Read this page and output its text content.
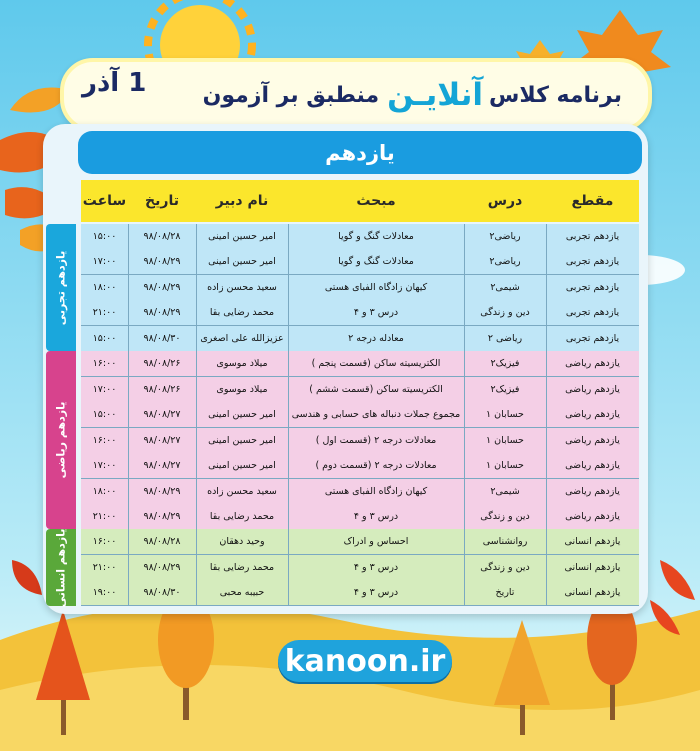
برنامه کلاس
آنلایـن
منطبق بر آزمون
1 آذر
یازدهم
مقطع
درس
مبحث
نام دبیر
تاریخ
ساعت
یازدهم تجربی
ریاضی۲
معادلات گنگ و گویا
امیر حسین امینی
۹۸/۰۸/۲۸
۱۵:۰۰
یازدهم تجربی
ریاضی۲
معادلات گنگ و گویا
امیر حسین امینی
۹۸/۰۸/۲۹
۱۷:۰۰
یازدهم تجربی
شیمی۲
کیهان زادگاه الفبای هستی
سعید محسن زاده
۹۸/۰۸/۲۹
۱۸:۰۰
یازدهم تجربی
دین و زندگی
درس ۳ و ۴
محمد رضایی بقا
۹۸/۰۸/۲۹
۲۱:۰۰
یازدهم تجربی
ریاضی ۲
معادله درجه ۲
عزیزالله علی اصغری
۹۸/۰۸/۳۰
۱۵:۰۰
یازدهم ریاضی
فیزیک۲
الکتریسیته ساکن (قسمت پنجم )
میلاد موسوی
۹۸/۰۸/۲۶
۱۶:۰۰
یازدهم ریاضی
فیزیک۲
الکتریسیته ساکن (قسمت ششم )
میلاد موسوی
۹۸/۰۸/۲۶
۱۷:۰۰
یازدهم ریاضی
حسابان ۱
مجموع جملات دنباله های حسابی و هندسی
امیر حسین امینی
۹۸/۰۸/۲۷
۱۵:۰۰
یازدهم ریاضی
حسابان ۱
معادلات درجه ۲ (قسمت اول )
امیر حسین امینی
۹۸/۰۸/۲۷
۱۶:۰۰
یازدهم ریاضی
حسابان ۱
معادلات درجه ۲ (قسمت دوم )
امیر حسین امینی
۹۸/۰۸/۲۷
۱۷:۰۰
یازدهم ریاضی
شیمی۲
کیهان زادگاه الفبای هستی
سعید محسن زاده
۹۸/۰۸/۲۹
۱۸:۰۰
یازدهم ریاضی
دین و زندگی
درس ۳ و ۴
محمد رضایی بقا
۹۸/۰۸/۲۹
۲۱:۰۰
یازدهم انسانی
روانشناسی
احساس و ادراک
وحید دهقان
۹۸/۰۸/۲۸
۱۶:۰۰
یازدهم انسانی
دین و زندگی
درس ۳ و ۴
محمد رضایی بقا
۹۸/۰۸/۲۹
۲۱:۰۰
یازدهم انسانی
تاریخ
درس ۳ و ۴
حبیبه محبی
۹۸/۰۸/۳۰
۱۹:۰۰
یازدهم تجربی
یازدهم ریاضی
یازدهم انسانی
kanoon.ir
